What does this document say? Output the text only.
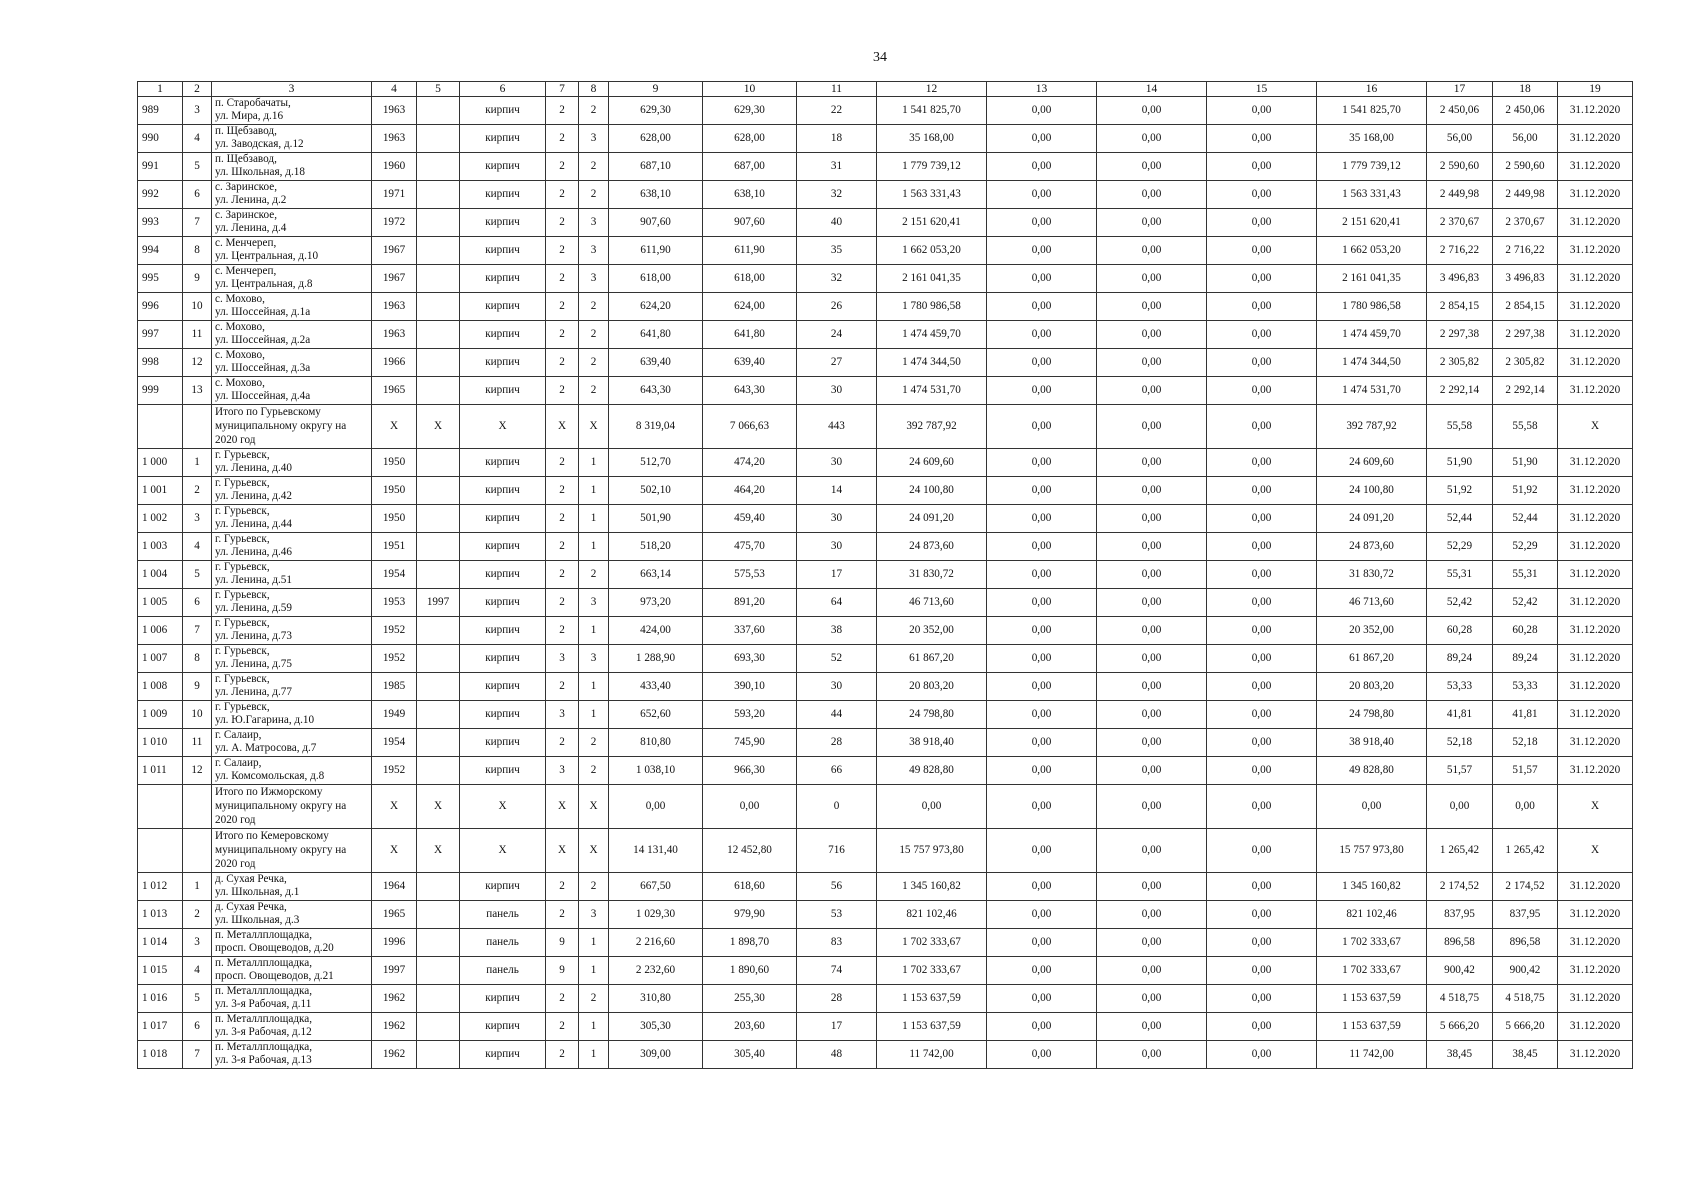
34
1	2	3	4	5	6	7	8	9	10	11	12	13	14	15	16	17	18	19
989	3	п. Старобачаты,
ул. Мира, д.16	1963		кирпич	2	2	629,30	629,30	22	1 541 825,70	0,00	0,00	0,00	1 541 825,70	2 450,06	2 450,06	31.12.2020
990	4	п. Щебзавод,
ул. Заводская, д.12	1963		кирпич	2	3	628,00	628,00	18	35 168,00	0,00	0,00	0,00	35 168,00	56,00	56,00	31.12.2020
991	5	п. Щебзавод,
ул. Школьная, д.18	1960		кирпич	2	2	687,10	687,00	31	1 779 739,12	0,00	0,00	0,00	1 779 739,12	2 590,60	2 590,60	31.12.2020
992	6	с. Заринское,
ул. Ленина, д.2	1971		кирпич	2	2	638,10	638,10	32	1 563 331,43	0,00	0,00	0,00	1 563 331,43	2 449,98	2 449,98	31.12.2020
993	7	с. Заринское,
ул. Ленина, д.4	1972		кирпич	2	3	907,60	907,60	40	2 151 620,41	0,00	0,00	0,00	2 151 620,41	2 370,67	2 370,67	31.12.2020
994	8	с. Менчереп,
ул. Центральная, д.10	1967		кирпич	2	3	611,90	611,90	35	1 662 053,20	0,00	0,00	0,00	1 662 053,20	2 716,22	2 716,22	31.12.2020
995	9	с. Менчереп,
ул. Центральная, д.8	1967		кирпич	2	3	618,00	618,00	32	2 161 041,35	0,00	0,00	0,00	2 161 041,35	3 496,83	3 496,83	31.12.2020
996	10	с. Мохово,
ул. Шоссейная, д.1а	1963		кирпич	2	2	624,20	624,00	26	1 780 986,58	0,00	0,00	0,00	1 780 986,58	2 854,15	2 854,15	31.12.2020
997	11	с. Мохово,
ул. Шоссейная, д.2а	1963		кирпич	2	2	641,80	641,80	24	1 474 459,70	0,00	0,00	0,00	1 474 459,70	2 297,38	2 297,38	31.12.2020
998	12	с. Мохово,
ул. Шоссейная, д.3а	1966		кирпич	2	2	639,40	639,40	27	1 474 344,50	0,00	0,00	0,00	1 474 344,50	2 305,82	2 305,82	31.12.2020
999	13	с. Мохово,
ул. Шоссейная, д.4а	1965		кирпич	2	2	643,30	643,30	30	1 474 531,70	0,00	0,00	0,00	1 474 531,70	2 292,14	2 292,14	31.12.2020
		Итого по Гурьевскому
муниципальному округу на
2020 год	X	X	X	X	X	8 319,04	7 066,63	443	392 787,92	0,00	0,00	0,00	392 787,92	55,58	55,58	X
1 000	1	г. Гурьевск,
ул. Ленина, д.40	1950		кирпич	2	1	512,70	474,20	30	24 609,60	0,00	0,00	0,00	24 609,60	51,90	51,90	31.12.2020
1 001	2	г. Гурьевск,
ул. Ленина, д.42	1950		кирпич	2	1	502,10	464,20	14	24 100,80	0,00	0,00	0,00	24 100,80	51,92	51,92	31.12.2020
1 002	3	г. Гурьевск,
ул. Ленина, д.44	1950		кирпич	2	1	501,90	459,40	30	24 091,20	0,00	0,00	0,00	24 091,20	52,44	52,44	31.12.2020
1 003	4	г. Гурьевск,
ул. Ленина, д.46	1951		кирпич	2	1	518,20	475,70	30	24 873,60	0,00	0,00	0,00	24 873,60	52,29	52,29	31.12.2020
1 004	5	г. Гурьевск,
ул. Ленина, д.51	1954		кирпич	2	2	663,14	575,53	17	31 830,72	0,00	0,00	0,00	31 830,72	55,31	55,31	31.12.2020
1 005	6	г. Гурьевск,
ул. Ленина, д.59	1953	1997	кирпич	2	3	973,20	891,20	64	46 713,60	0,00	0,00	0,00	46 713,60	52,42	52,42	31.12.2020
1 006	7	г. Гурьевск,
ул. Ленина, д.73	1952		кирпич	2	1	424,00	337,60	38	20 352,00	0,00	0,00	0,00	20 352,00	60,28	60,28	31.12.2020
1 007	8	г. Гурьевск,
ул. Ленина, д.75	1952		кирпич	3	3	1 288,90	693,30	52	61 867,20	0,00	0,00	0,00	61 867,20	89,24	89,24	31.12.2020
1 008	9	г. Гурьевск,
ул. Ленина, д.77	1985		кирпич	2	1	433,40	390,10	30	20 803,20	0,00	0,00	0,00	20 803,20	53,33	53,33	31.12.2020
1 009	10	г. Гурьевск,
ул. Ю.Гагарина, д.10	1949		кирпич	3	1	652,60	593,20	44	24 798,80	0,00	0,00	0,00	24 798,80	41,81	41,81	31.12.2020
1 010	11	г. Салаир,
ул. А. Матросова, д.7	1954		кирпич	2	2	810,80	745,90	28	38 918,40	0,00	0,00	0,00	38 918,40	52,18	52,18	31.12.2020
1 011	12	г. Салаир,
ул. Комсомольская, д.8	1952		кирпич	3	2	1 038,10	966,30	66	49 828,80	0,00	0,00	0,00	49 828,80	51,57	51,57	31.12.2020
		Итого по Ижморскому
муниципальному округу на
2020 год	X	X	X	X	X	0,00	0,00	0	0,00	0,00	0,00	0,00	0,00	0,00	0,00	X
		Итого по Кемеровскому
муниципальному округу на
2020 год	X	X	X	X	X	14 131,40	12 452,80	716	15 757 973,80	0,00	0,00	0,00	15 757 973,80	1 265,42	1 265,42	X
1 012	1	д. Сухая Речка,
ул. Школьная, д.1	1964		кирпич	2	2	667,50	618,60	56	1 345 160,82	0,00	0,00	0,00	1 345 160,82	2 174,52	2 174,52	31.12.2020
1 013	2	д. Сухая Речка,
ул. Школьная, д.3	1965		панель	2	3	1 029,30	979,90	53	821 102,46	0,00	0,00	0,00	821 102,46	837,95	837,95	31.12.2020
1 014	3	п. Металлплощадка,
просп. Овощеводов, д.20	1996		панель	9	1	2 216,60	1 898,70	83	1 702 333,67	0,00	0,00	0,00	1 702 333,67	896,58	896,58	31.12.2020
1 015	4	п. Металлплощадка,
просп. Овощеводов, д.21	1997		панель	9	1	2 232,60	1 890,60	74	1 702 333,67	0,00	0,00	0,00	1 702 333,67	900,42	900,42	31.12.2020
1 016	5	п. Металлплощадка,
ул. 3-я Рабочая, д.11	1962		кирпич	2	2	310,80	255,30	28	1 153 637,59	0,00	0,00	0,00	1 153 637,59	4 518,75	4 518,75	31.12.2020
1 017	6	п. Металлплощадка,
ул. 3-я Рабочая, д.12	1962		кирпич	2	1	305,30	203,60	17	1 153 637,59	0,00	0,00	0,00	1 153 637,59	5 666,20	5 666,20	31.12.2020
1 018	7	п. Металлплощадка,
ул. 3-я Рабочая, д.13	1962		кирпич	2	1	309,00	305,40	48	11 742,00	0,00	0,00	0,00	11 742,00	38,45	38,45	31.12.2020
